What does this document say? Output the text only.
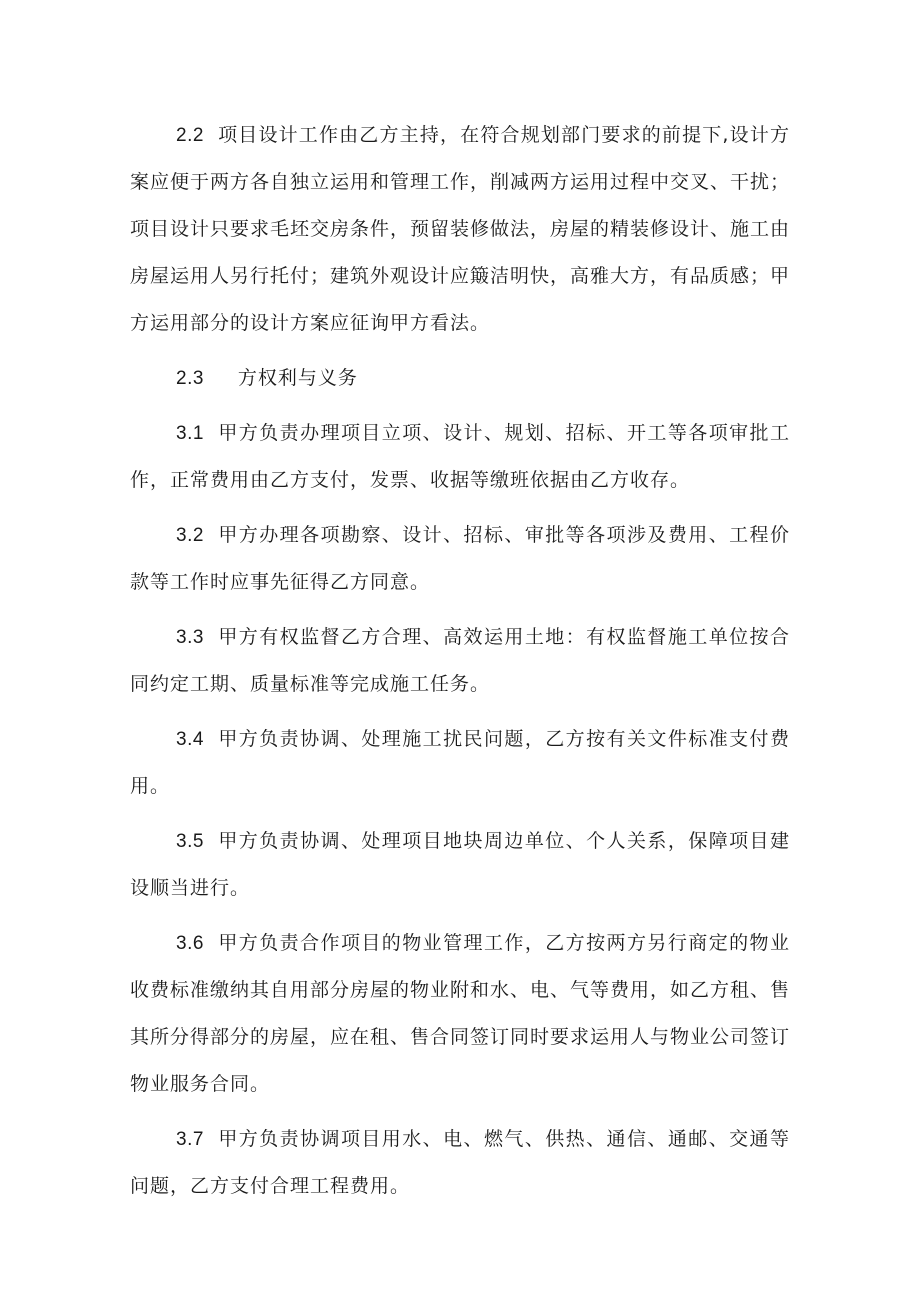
2.2 项目设计工作由乙方主持，在符合规划部门要求的前提下,设计方案应便于两方各自独立运用和管理工作，削减两方运用过程中交叉、干扰；项目设计只要求毛坯交房条件，预留装修做法，房屋的精装修设计、施工由房屋运用人另行托付；建筑外观设计应簸洁明快，高雅大方，有品质感；甲方运用部分的设计方案应征询甲方看法。

2.3 方权利与义务

3.1 甲方负责办理项目立项、设计、规划、招标、开工等各项审批工作，正常费用由乙方支付，发票、收据等缴班依据由乙方收存。

3.2 甲方办理各项勘察、设计、招标、审批等各项涉及费用、工程价款等工作时应事先征得乙方同意。

3.3 甲方有权监督乙方合理、高效运用土地：有权监督施工单位按合同约定工期、质量标准等完成施工任务。

3.4 甲方负责协调、处理施工扰民问题，乙方按有关文件标准支付费用。

3.5 甲方负责协调、处理项目地块周边单位、个人关系，保障项目建设顺当进行。

3.6 甲方负责合作项目的物业管理工作，乙方按两方另行商定的物业收费标准缴纳其自用部分房屋的物业附和水、电、气等费用，如乙方租、售其所分得部分的房屋，应在租、售合同签订同时要求运用人与物业公司签订物业服务合同。

3.7 甲方负责协调项目用水、电、燃气、供热、通信、通邮、交通等问题，乙方支付合理工程费用。
